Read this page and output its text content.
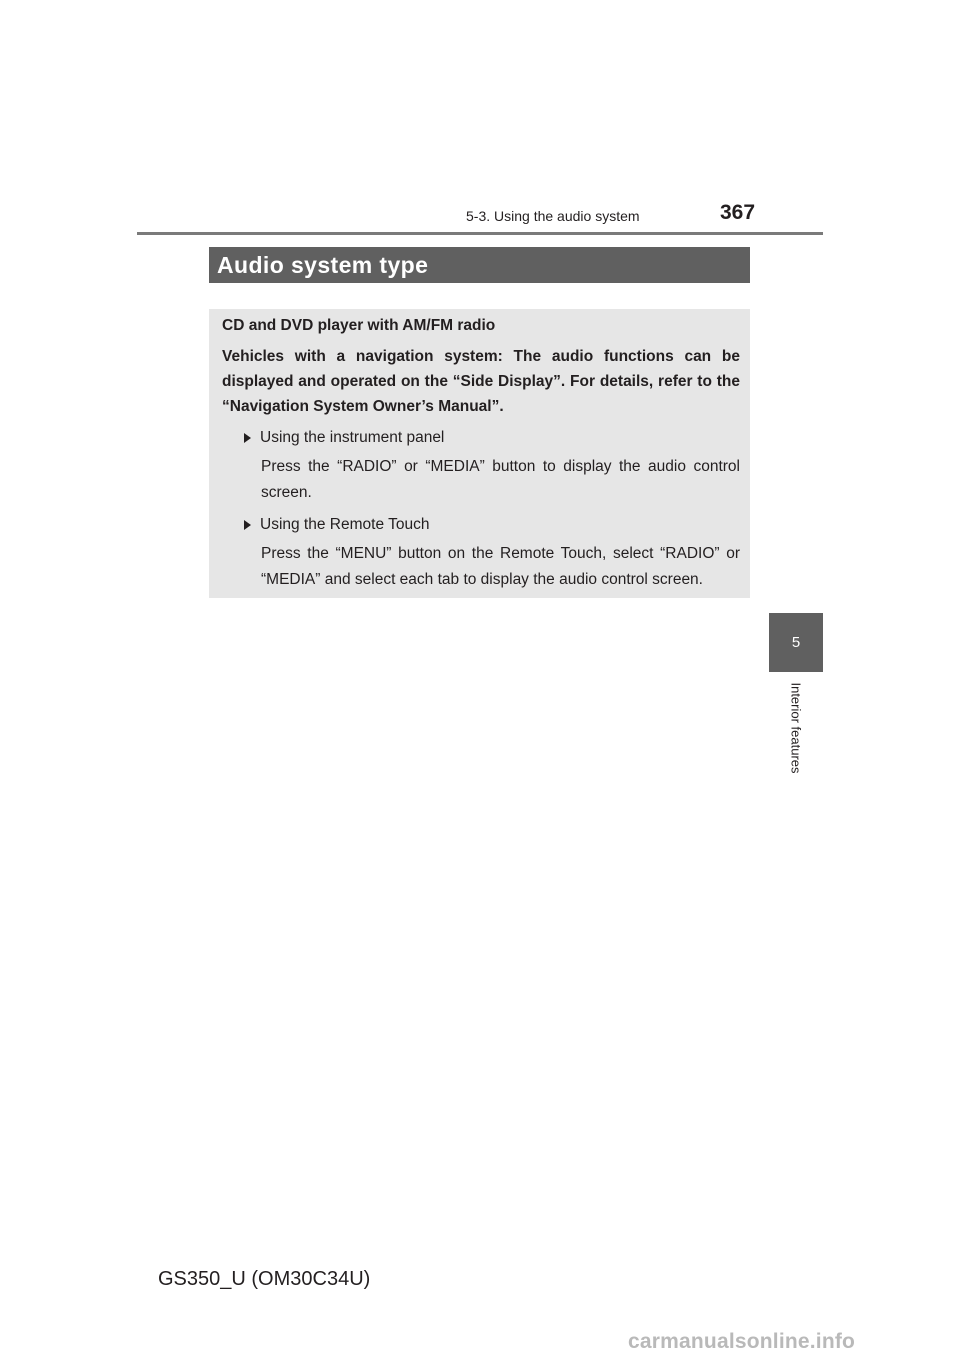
5-3. Using the audio system	367
Audio system type

CD and DVD player with AM/FM radio

Vehicles with a navigation system: The audio functions can be displayed and operated on the “Side Display”. For details, refer to the “Navigation System Owner’s Manual”.

Using the instrument panel
Press the “RADIO” or “MEDIA” button to display the audio control screen.
Using the Remote Touch
Press the “MENU” button on the Remote Touch, select “RADIO” or “MEDIA” and select each tab to display the audio control screen.
5
Interior features
GS350_U (OM30C34U)
carmanualsonline.info
